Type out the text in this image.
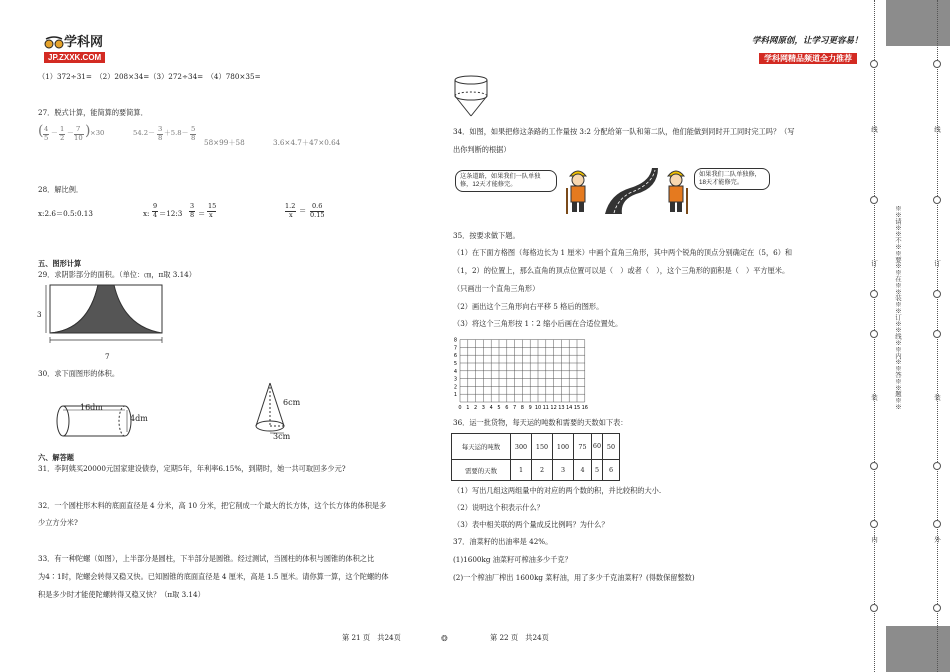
学科网
JP.ZXXK.COM
学科网原创，让学习更容易！
学科网精品频道全力推荐
（1）372÷31=　（2）208×34=（3）272÷34=　（4）780×35=
27．脱式计算，能简算的要简算．
( 4
5
－ 1
2
－ 7
10 ) ×30	54.2－ 3
8
＋5.8－ 5
8 58×99＋58	3.6×4.7＋47×0.64
28．解比例．
x:2.6＝0.5:0.13	x:
9
4 ＝12:3
3
8 ＝
15
x
1.2
x ＝ 0.6
0.15
五、图形计算
29．求阴影部分的面积。（单位：㎝，π取 3.14）
3
7
30．求下面图形的体积。
16dm
4dm
6cm
3cm
六、解答题
31．李阿姨买20000元国家建设债券，定期5年，年利率6.15%，到期时，她一共可取回多少元?
32．一个圆柱形木料的底面直径是 4 分米，高 10 分米，把它削成一个最大的长方体，这个长方体的体积是多
少立方分米?
33．有一种陀螺（如图），上半部分是圆柱，下半部分是圆锥。经过测试，当圆柱的体积与圆锥的体积之比
为4∶1时，陀螺会转得又稳又快。已知圆锥的底面直径是 4 厘米，高是 1.5 厘米。请你算一算，这个陀螺的体
积是多少时才能使陀螺转得又稳又快？（π取 3.14）
第 21 页　共24页	❂
34．如图，如果把修这条路的工作量按 3:2 分配给第一队和第二队，他们能做到同时开工同时完工吗？（写
出你判断的根据）
这条道路，如果我们一队单独修，12天才能修完。
如果我们二队单独修，18天才能修完。
35．按要求做下题。
（1）在下面方格图（每格边长为 1 厘米）中画个直角三角形，其中两个锐角的顶点分别确定在（5，6）和
（1，2）的位置上，那么直角的顶点位置可以是（　）或者（　），这个三角形的面积是（　）平方厘米。
（只画出一个直角三角形）
（2）画出这个三角形向右平移 5 格后的图形。
（3）将这个三角形按 1∶2 缩小后画在合适位置处。
0 1 2 3 4 5 6 7 8 9 10 11 12 13 14 15 16
1
2
3
4
5
6
7
8
36．运一批货物，每天运的吨数和需要的天数如下表：
每天运的吨数	300	150	100	75	60	50
需要的天数	1	2	3	4	5	6
（1）写出几组这两组量中的对应的两个数的积，并比较积的大小.
（2）说明这个积表示什么？
（3）表中相关联的两个量成反比例吗？为什么？
37．油菜籽的出油率是 42%。
(1)1600kg 油菜籽可榨油多少千克？
(2)一个榨油厂榨出 1600kg 菜籽油，用了多少千克油菜籽？(得数保留整数)
第 22 页　共24页
线
订
装
内
※※请※※不※※要※※在※※装※※订※※线※※内※※答※※题※※
线
订
装
外
